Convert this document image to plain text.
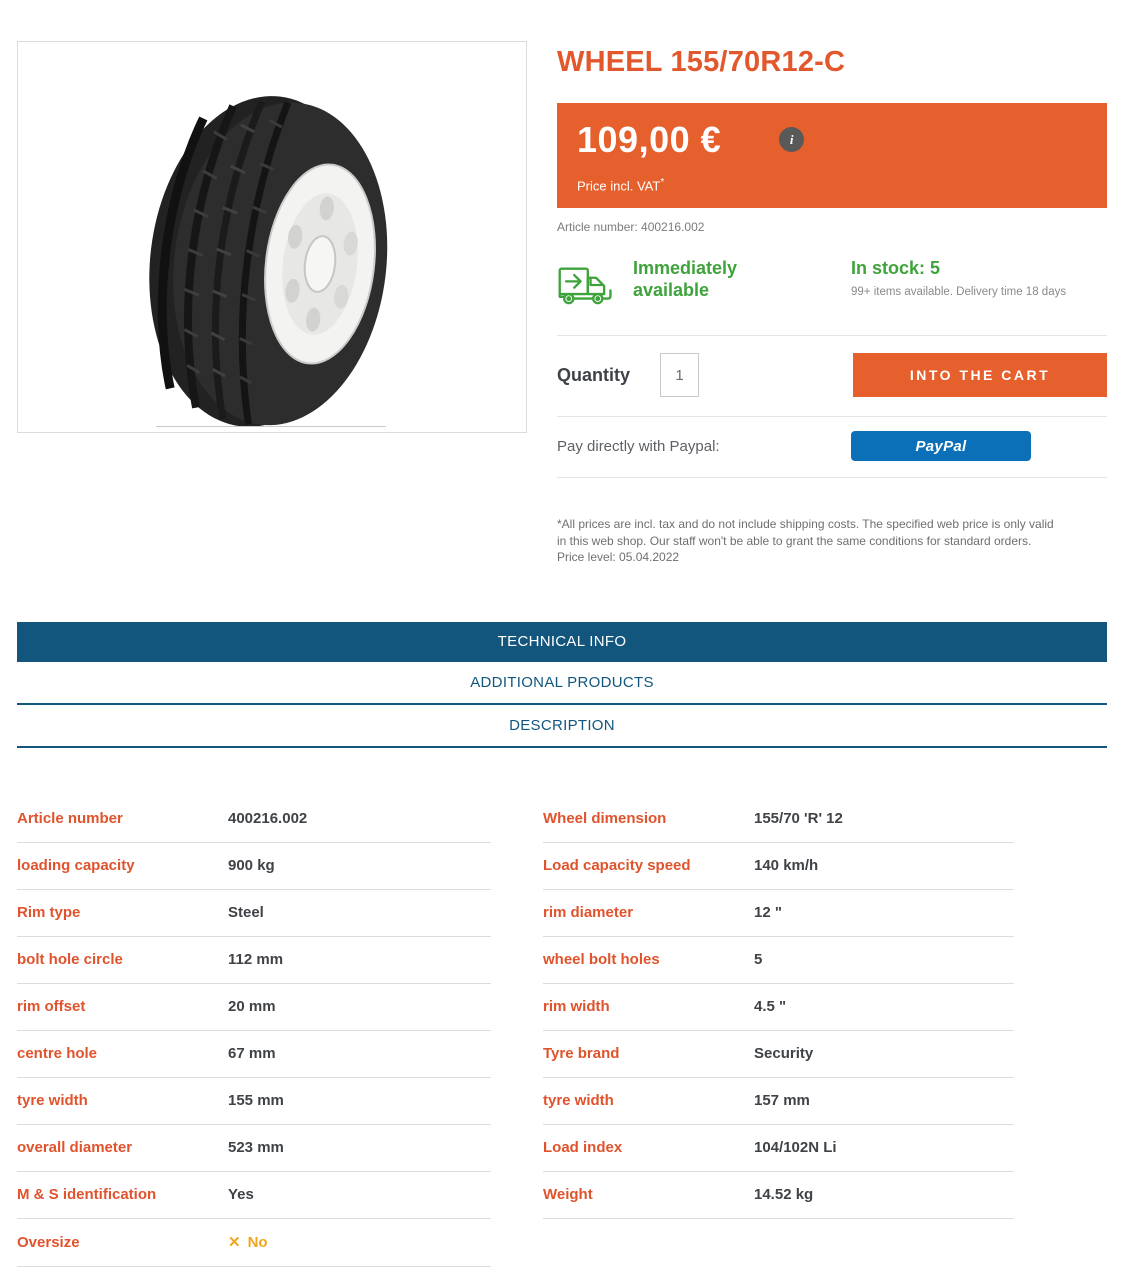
WHEEL 155/70R12-C
109,00 €	i
Price incl. VAT*
Article number: 400216.002
Immediately available
In stock: 5
99+ items available. Delivery time 18 days
Quantity
1	INTO THE CART
Pay directly with Paypal:	PayPal
*All prices are incl. tax and do not include shipping costs. The specified web price is only valid in this web shop. Our staff won't be able to grant the same conditions for standard orders.
Price level: 05.04.2022
TECHNICAL INFO
ADDITIONAL PRODUCTS
DESCRIPTION
Article number	400216.002
loading capacity	900 kg
Rim type	Steel
bolt hole circle	112 mm
rim offset	20 mm
centre hole	67 mm
tyre width	155 mm
overall diameter	523 mm
M & S identification	Yes
Oversize	✕ No
Wheel dimension	155/70 'R' 12
Load capacity speed	140 km/h
rim diameter	12 "
wheel bolt holes	5
rim width	4.5 "
Tyre brand	Security
tyre width	157 mm
Load index	104/102N Li
Weight	14.52 kg
